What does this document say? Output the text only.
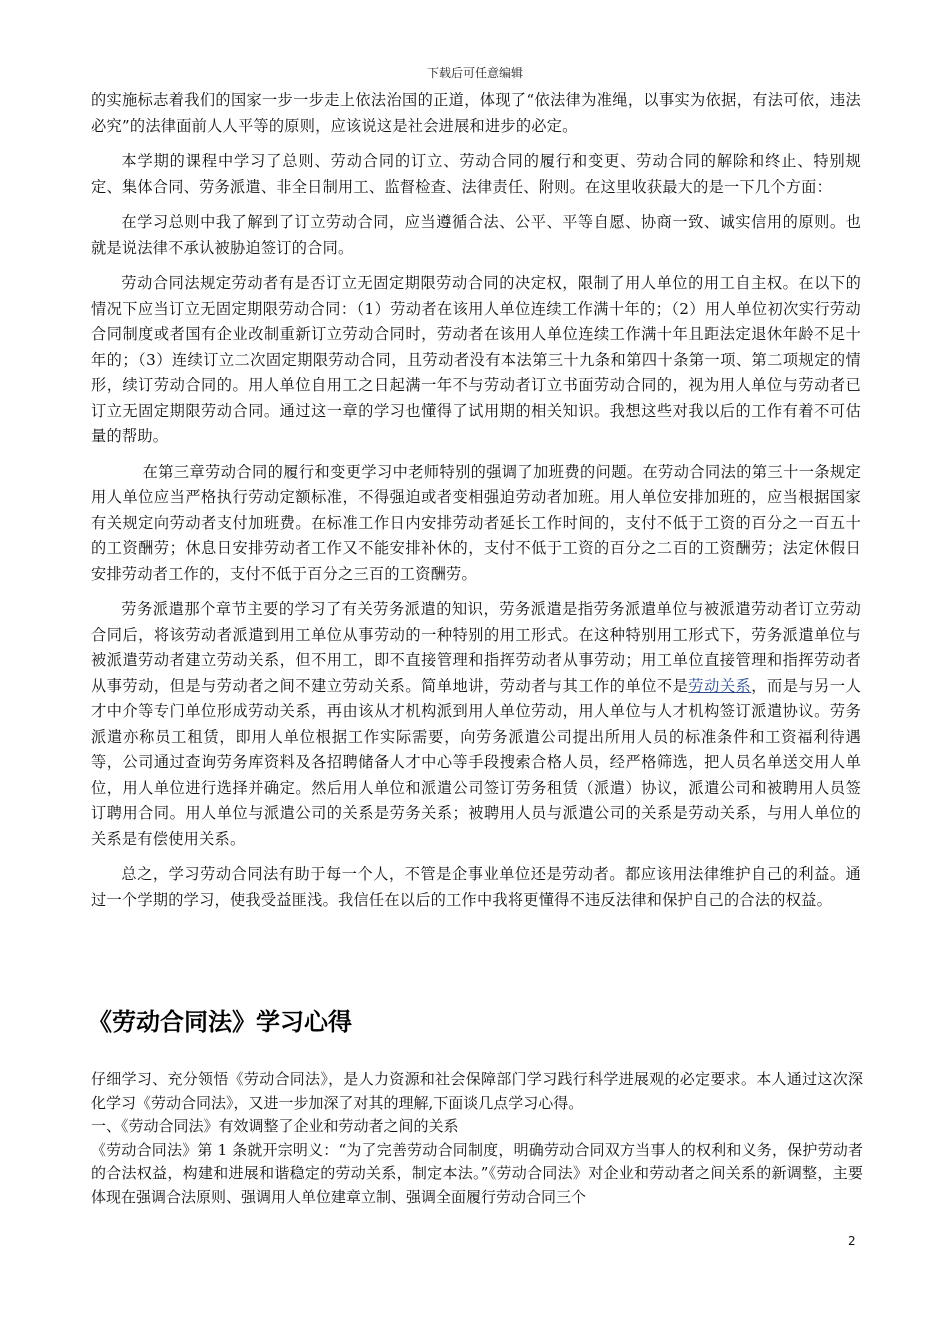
下载后可任意编辑

的实施标志着我们的国家一步一步走上依法治国的正道，体现了“依法律为准绳，以事实为依据，有法可依，违法必究”的法律面前人人平等的原则，应该说这是社会进展和进步的必定。

本学期的课程中学习了总则、劳动合同的订立、劳动合同的履行和变更、劳动合同的解除和终止、特别规定、集体合同、劳务派遣、非全日制用工、监督检查、法律责任、附则。在这里收获最大的是一下几个方面：

在学习总则中我了解到了订立劳动合同，应当遵循合法、公平、平等自愿、协商一致、诚实信用的原则。也就是说法律不承认被胁迫签订的合同。

劳动合同法规定劳动者有是否订立无固定期限劳动合同的决定权，限制了用人单位的用工自主权。在以下的情况下应当订立无固定期限劳动合同：（1）劳动者在该用人单位连续工作满十年的；（2）用人单位初次实行劳动合同制度或者国有企业改制重新订立劳动合同时，劳动者在该用人单位连续工作满十年且距法定退休年龄不足十年的；（3）连续订立二次固定期限劳动合同，且劳动者没有本法第三十九条和第四十条第一项、第二项规定的情形，续订劳动合同的。用人单位自用工之日起满一年不与劳动者订立书面劳动合同的，视为用人单位与劳动者已订立无固定期限劳动合同。通过这一章的学习也懂得了试用期的相关知识。我想这些对我以后的工作有着不可估量的帮助。

在第三章劳动合同的履行和变更学习中老师特别的强调了加班费的问题。在劳动合同法的第三十一条规定用人单位应当严格执行劳动定额标准，不得强迫或者变相强迫劳动者加班。用人单位安排加班的，应当根据国家有关规定向劳动者支付加班费。在标准工作日内安排劳动者延长工作时间的，支付不低于工资的百分之一百五十的工资酬劳；休息日安排劳动者工作又不能安排补休的，支付不低于工资的百分之二百的工资酬劳；法定休假日安排劳动者工作的，支付不低于百分之三百的工资酬劳。

劳务派遣那个章节主要的学习了有关劳务派遣的知识，劳务派遣是指劳务派遣单位与被派遣劳动者订立劳动合同后，将该劳动者派遣到用工单位从事劳动的一种特别的用工形式。在这种特别用工形式下，劳务派遣单位与被派遣劳动者建立劳动关系，但不用工，即不直接管理和指挥劳动者从事劳动；用工单位直接管理和指挥劳动者从事劳动，但是与劳动者之间不建立劳动关系。简单地讲，劳动者与其工作的单位不是劳动关系，而是与另一人才中介等专门单位形成劳动关系，再由该从才机构派到用人单位劳动，用人单位与人才机构签订派遣协议。劳务派遣亦称员工租赁，即用人单位根据工作实际需要，向劳务派遣公司提出所用人员的标准条件和工资福利待遇等，公司通过查询劳务库资料及各招聘储备人才中心等手段搜索合格人员，经严格筛选，把人员名单送交用人单位，用人单位进行选择并确定。然后用人单位和派遣公司签订劳务租赁（派遣）协议，派遣公司和被聘用人员签订聘用合同。用人单位与派遣公司的关系是劳务关系；被聘用人员与派遣公司的关系是劳动关系，与用人单位的关系是有偿使用关系。

总之，学习劳动合同法有助于每一个人，不管是企事业单位还是劳动者。都应该用法律维护自己的利益。通过一个学期的学习，使我受益匪浅。我信任在以后的工作中我将更懂得不违反法律和保护自己的合法的权益。

《劳动合同法》学习心得

仔细学习、充分领悟《劳动合同法》，是人力资源和社会保障部门学习践行科学进展观的必定要求。本人通过这次深化学习《劳动合同法》，又进一步加深了对其的理解,下面谈几点学习心得。

一、《劳动合同法》有效调整了企业和劳动者之间的关系

《劳动合同法》第 1 条就开宗明义：“为了完善劳动合同制度，明确劳动合同双方当事人的权利和义务，保护劳动者的合法权益，构建和进展和谐稳定的劳动关系，制定本法。”《劳动合同法》对企业和劳动者之间关系的新调整，主要体现在强调合法原则、强调用人单位建章立制、强调全面履行劳动合同三个

2
